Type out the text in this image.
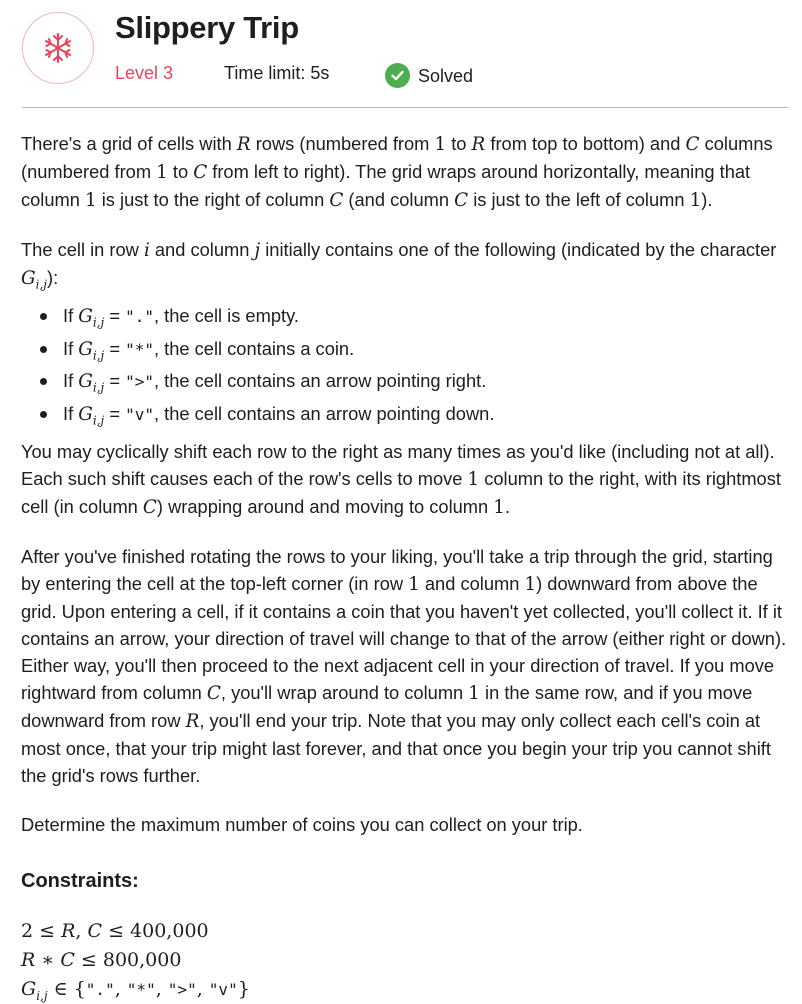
Slippery Trip
Level 3	Time limit: 5s	Solved

There's a grid of cells with R rows (numbered from 1 to R from top to bottom) and C columns (numbered from 1 to C from left to right). The grid wraps around horizontally, meaning that column 1 is just to the right of column C (and column C is just to the left of column 1).

The cell in row i and column j initially contains one of the following (indicated by the character $G_{i,j}$):

If $G_{i,j}$ = ".", the cell is empty.
If $G_{i,j}$ = "*", the cell contains a coin.
If $G_{i,j}$ = ">", the cell contains an arrow pointing right.
If $G_{i,j}$ = "v", the cell contains an arrow pointing down.

You may cyclically shift each row to the right as many times as you'd like (including not at all). Each such shift causes each of the row's cells to move 1 column to the right, with its rightmost cell (in column C) wrapping around and moving to column 1.

After you've finished rotating the rows to your liking, you'll take a trip through the grid, starting by entering the cell at the top-left corner (in row 1 and column 1) downward from above the grid. Upon entering a cell, if it contains a coin that you haven't yet collected, you'll collect it. If it contains an arrow, your direction of travel will change to that of the arrow (either right or down). Either way, you'll then proceed to the next adjacent cell in your direction of travel. If you move rightward from column C, you'll wrap around to column 1 in the same row, and if you move downward from row R, you'll end your trip. Note that you may only collect each cell's coin at most once, that your trip might last forever, and that once you begin your trip you cannot shift the grid's rows further.

Determine the maximum number of coins you can collect on your trip.

Constraints:
2 ≤ R, C ≤ 400,000
R ∗ C ≤ 800,000
$G_{i,j}$ ∈ {".", "*", ">", "v"}
